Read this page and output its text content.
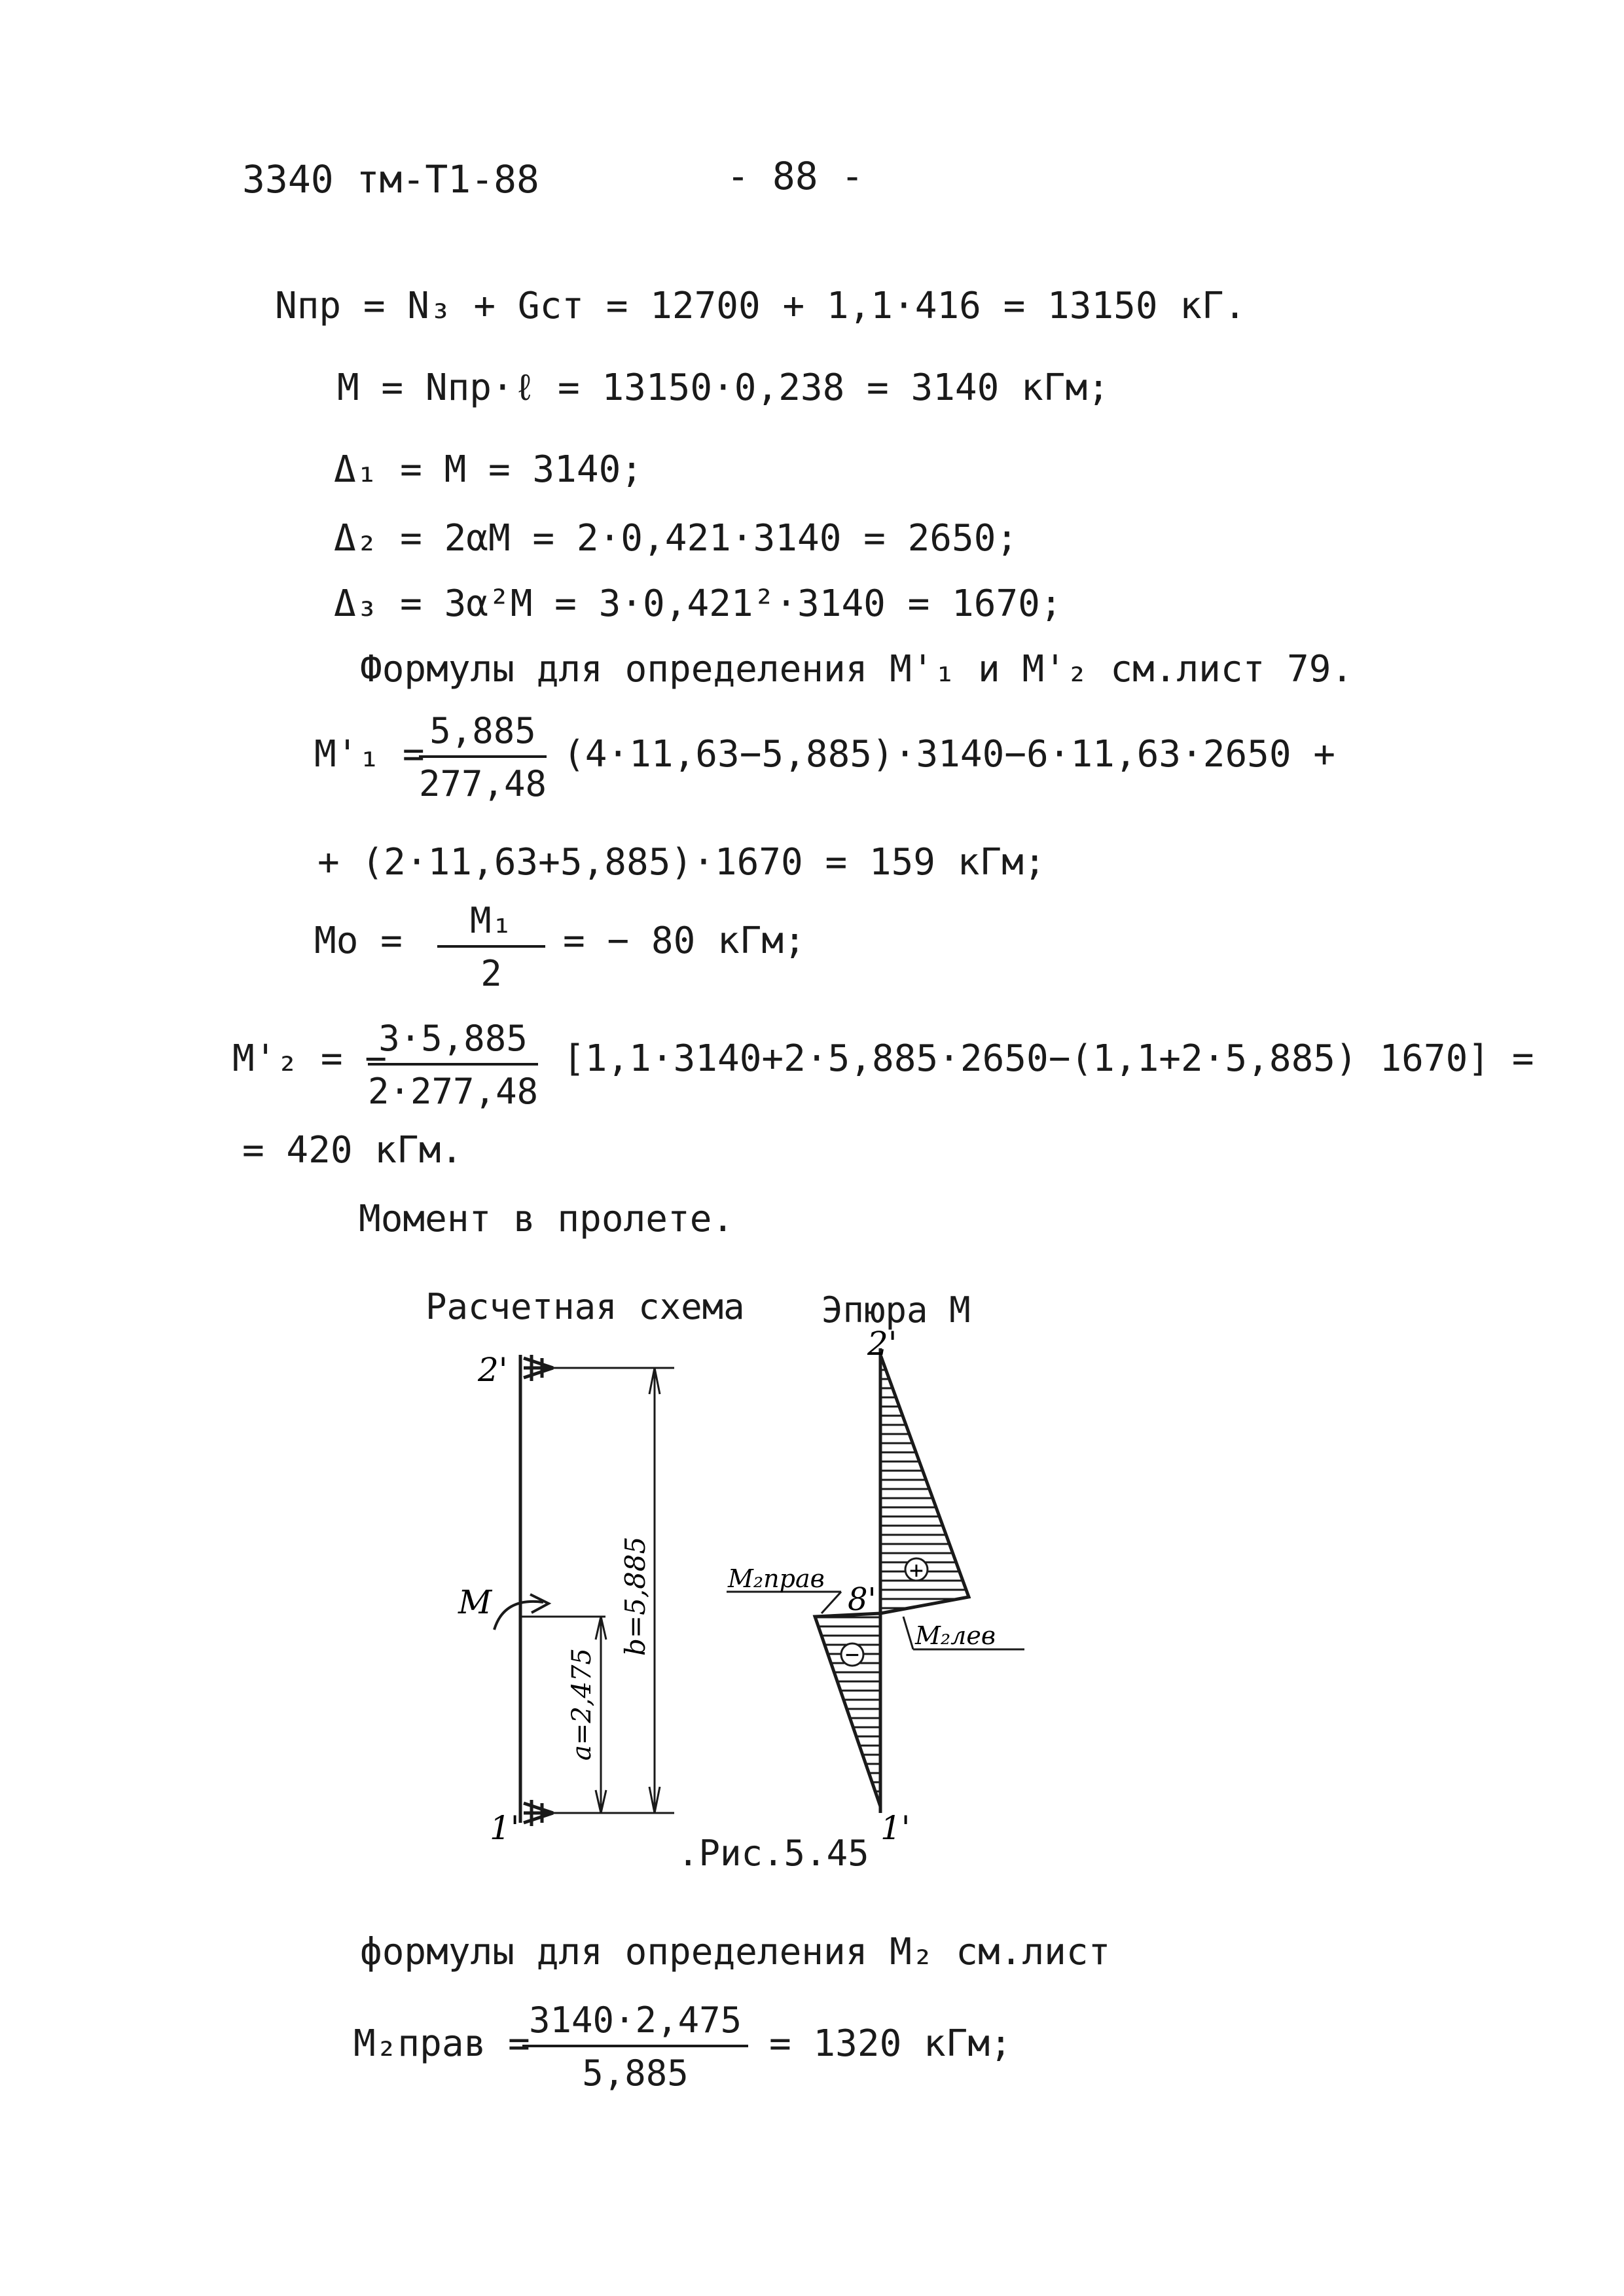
3340 тм-Т1-88	- 88 -
Nпр = N₃ + Gст = 12700 + 1,1·416 = 13150 кГ.
M = Nпр·ℓ = 13150·0,238 = 3140 кГм;
Δ₁ = M = 3140;
Δ₂ = 2αM = 2·0,421·3140 = 2650;
Δ₃ = 3α²M = 3·0,421²·3140 = 1670;
Формулы для определения M'₁ и M'₂ см.лист 79.
M'₁ =
$\frac{5,885}{277,48} (4\cdot 11,63-5,885)\cdot 3140-6\cdot 11,63\cdot 2650$ +
+ (2·11,63+5,885)·1670 = 159 кГм;
$Mo = \frac{\text{M₁}}{2}$ = − 80 кГм;
M'₂ = −
$\frac{3\cdot 5,885}{2\cdot 277,48} [1,1\cdot 3140+2\cdot 5,885\cdot 2650-(1,1+2\cdot 5,885) 1670]$ =
= 420 кГм.
Момент в пролете.
Расчетная схема Эпюра М
2'
1'
M
a=2,475
b=5,885	+
−
2'
1'
8'
M₂прав
M₂лев
.Рис.5.45
формулы для определения M₂ см.лист
M₂прав =
$\frac{3140\cdot 2,475}{5,885} = 1320$ кГм;
